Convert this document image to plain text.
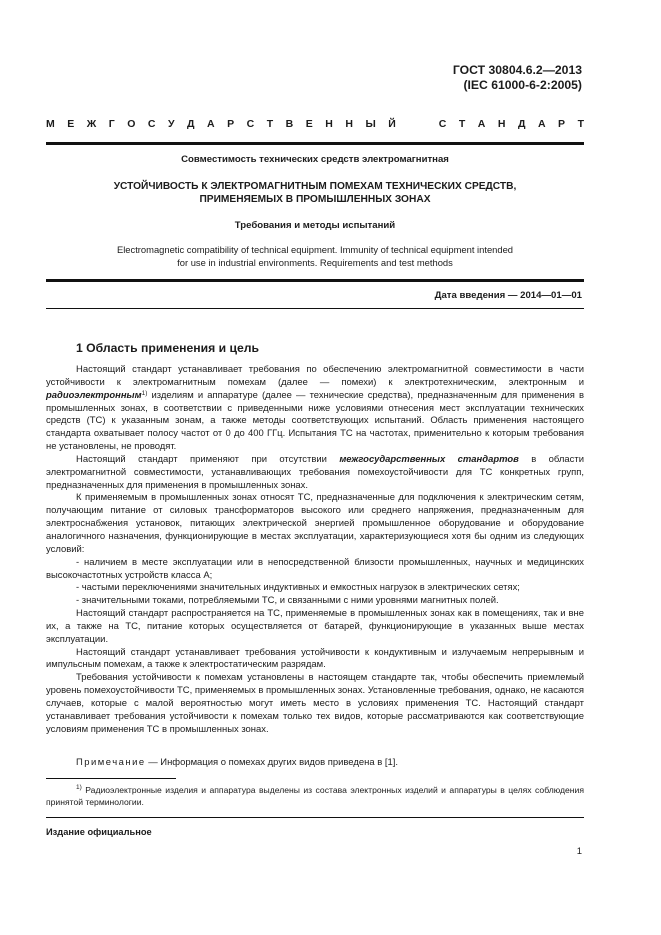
ГОСТ 30804.6.2—2013
(IEC 61000-6-2:2005)
М Е Ж Г О С У Д А Р С Т В Е Н Н Ы Й	С Т А Н Д А Р Т
Совместимость технических средств электромагнитная
УСТОЙЧИВОСТЬ К ЭЛЕКТРОМАГНИТНЫМ ПОМЕХАМ ТЕХНИЧЕСКИХ СРЕДСТВ,
ПРИМЕНЯЕМЫХ В ПРОМЫШЛЕННЫХ ЗОНАХ
Требования и методы испытаний
Electromagnetic compatibility of technical equipment. Immunity of technical equipment intended
for use in industrial environments. Requirements and test methods
Дата введения — 2014—01—01
1 Область применения и цель

Настоящий стандарт устанавливает требования по обеспечению электромагнитной совместимости в части устойчивости к электромагнитным помехам (далее — помехи) к электротехническим, электронным и радиоэлектронным$^{1)}$ изделиям и аппаратуре (далее — технические средства), предназначенным для применения в промышленных зонах, в соответствии с приведенными ниже условиями отнесения мест эксплуатации технических средств (ТС) к указанным зонам, а также методы соответствующих испытаний. Область применения настоящего стандарта охватывает полосу частот от 0 до 400 ГГц. Испытания ТС на частотах, применительно к которым требования не установлены, не проводят.

Настоящий стандарт применяют при отсутствии межгосударственных стандартов в области электромагнитной совместимости, устанавливающих требования помехоустойчивости для ТС конкретных групп, предназначенных для применения в промышленных зонах.

К применяемым в промышленных зонах относят ТС, предназначенные для подключения к электрическим сетям, получающим питание от силовых трансформаторов высокого или среднего напряжения, предназначенным для электроснабжения установок, питающих электрической энергией промышленное оборудование и оборудование аналогичного назначения, функционирующие в местах эксплуатации, характеризующиеся хотя бы одним из следующих условий:

- наличием в месте эксплуатации или в непосредственной близости промышленных, научных и медицинских высокочастотных устройств класса А;

- частыми переключениями значительных индуктивных и емкостных нагрузок в электрических сетях;

- значительными токами, потребляемыми ТС, и связанными с ними уровнями магнитных полей.

Настоящий стандарт распространяется на ТС, применяемые в промышленных зонах как в помещениях, так и вне их, а также на ТС, питание которых осуществляется от батарей, функционирующие в указанных выше местах эксплуатации.

Настоящий стандарт устанавливает требования устойчивости к кондуктивным и излучаемым непрерывным и импульсным помехам, а также к электростатическим разрядам.

Требования устойчивости к помехам установлены в настоящем стандарте так, чтобы обеспечить приемлемый уровень помехоустойчивости ТС, применяемых в промышленных зонах. Установленные требования, однако, не касаются случаев, которые с малой вероятностью могут иметь место в условиях применения ТС. Настоящий стандарт устанавливает требования устойчивости к помехам только тех видов, которые рассматриваются как соответствующие условиям применения ТС в промышленных зонах.

Примечание — Информация о помехах других видов приведена в [1].

$^{1)}$ Радиоэлектронные изделия и аппаратура выделены из состава электронных изделий и аппаратуры в целях соблюдения принятой терминологии.

Издание официальное
1
